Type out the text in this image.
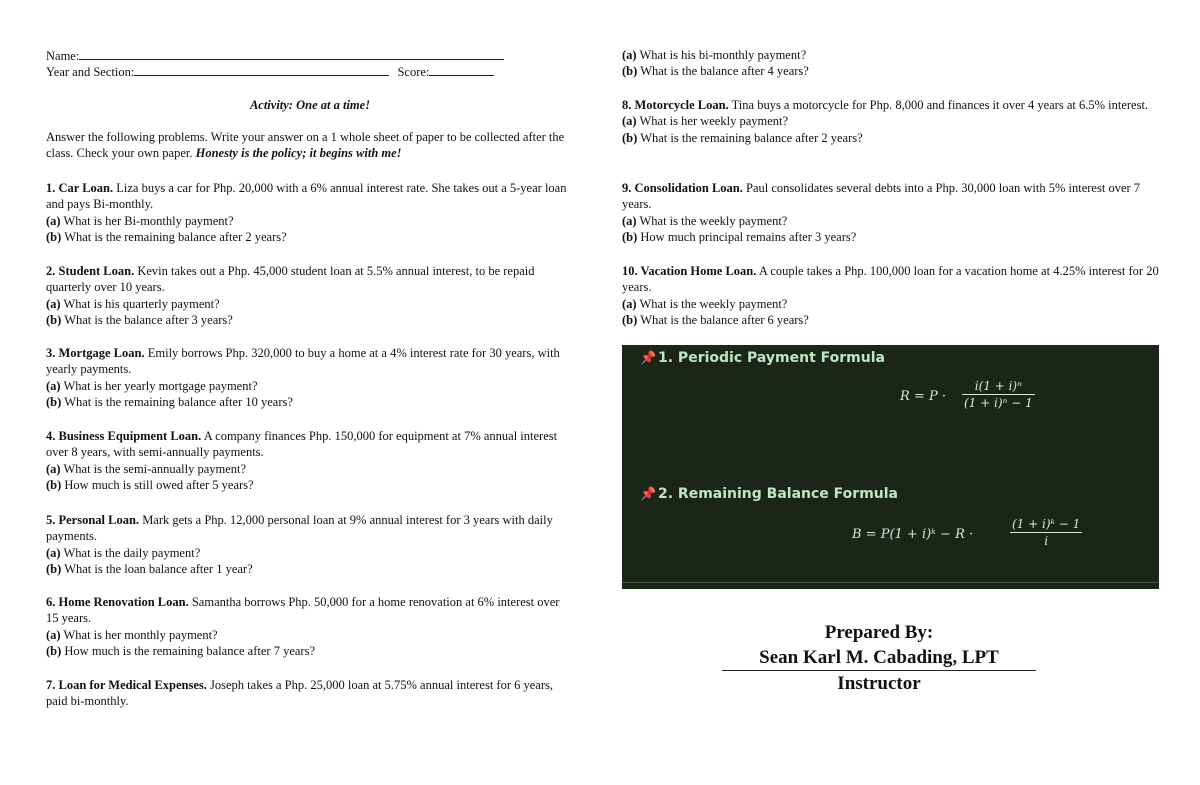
Name:

Year and Section:	Score:

Activity: One at a time!

Answer the following problems. Write your answer on a 1 whole sheet of paper to be collected after the class. Check your own paper. Honesty is the policy; it begins with me!

1. Car Loan. Liza buys a car for Php. 20,000 with a 6% annual interest rate. She takes out a 5-year loan and pays Bi-monthly.
(a) What is her Bi-monthly payment?
(b) What is the remaining balance after 2 years?
2. Student Loan. Kevin takes out a Php. 45,000 student loan at 5.5% annual interest, to be repaid quarterly over 10 years.
(a) What is his quarterly payment?
(b) What is the balance after 3 years?
3. Mortgage Loan. Emily borrows Php. 320,000 to buy a home at a 4% interest rate for 30 years, with yearly payments.
(a) What is her yearly mortgage payment?
(b) What is the remaining balance after 10 years?
4. Business Equipment Loan. A company finances Php. 150,000 for equipment at 7% annual interest over 8 years, with semi-annually payments.
(a) What is the semi-annually payment?
(b) How much is still owed after 5 years?
5. Personal Loan. Mark gets a Php. 12,000 personal loan at 9% annual interest for 3 years with daily payments.
(a) What is the daily payment?
(b) What is the loan balance after 1 year?
6. Home Renovation Loan. Samantha borrows Php. 50,000 for a home renovation at 6% interest over 15 years.
(a) What is her monthly payment?
(b) How much is the remaining balance after 7 years?
7. Loan for Medical Expenses. Joseph takes a Php. 25,000 loan at 5.75% annual interest for 6 years, paid bi-monthly.
(a) What is his bi-monthly payment?
(b) What is the balance after 4 years?
8. Motorcycle Loan. Tina buys a motorcycle for Php. 8,000 and finances it over 4 years at 6.5% interest.
(a) What is her weekly payment?
(b) What is the remaining balance after 2 years?
9. Consolidation Loan. Paul consolidates several debts into a Php. 30,000 loan with 5% interest over 7 years.
(a) What is the weekly payment?
(b) How much principal remains after 3 years?
10. Vacation Home Loan. A couple takes a Php. 100,000 loan for a vacation home at 4.25% interest for 20 years.
(a) What is the weekly payment?
(b) What is the balance after 6 years?
📌 1. Periodic Payment Formula
$R = P \cdot \frac{\text{i(1 + i)ⁿ}}{\text{(1 + i)ⁿ − 1}}$
📌 2. Remaining Balance Formula
B = P(1 + i)ᵏ − R ·	$\frac{\text{(1 + i)ᵏ − 1}}{i}$
Prepared By:
Sean Karl M. Cabading, LPT
Instructor
